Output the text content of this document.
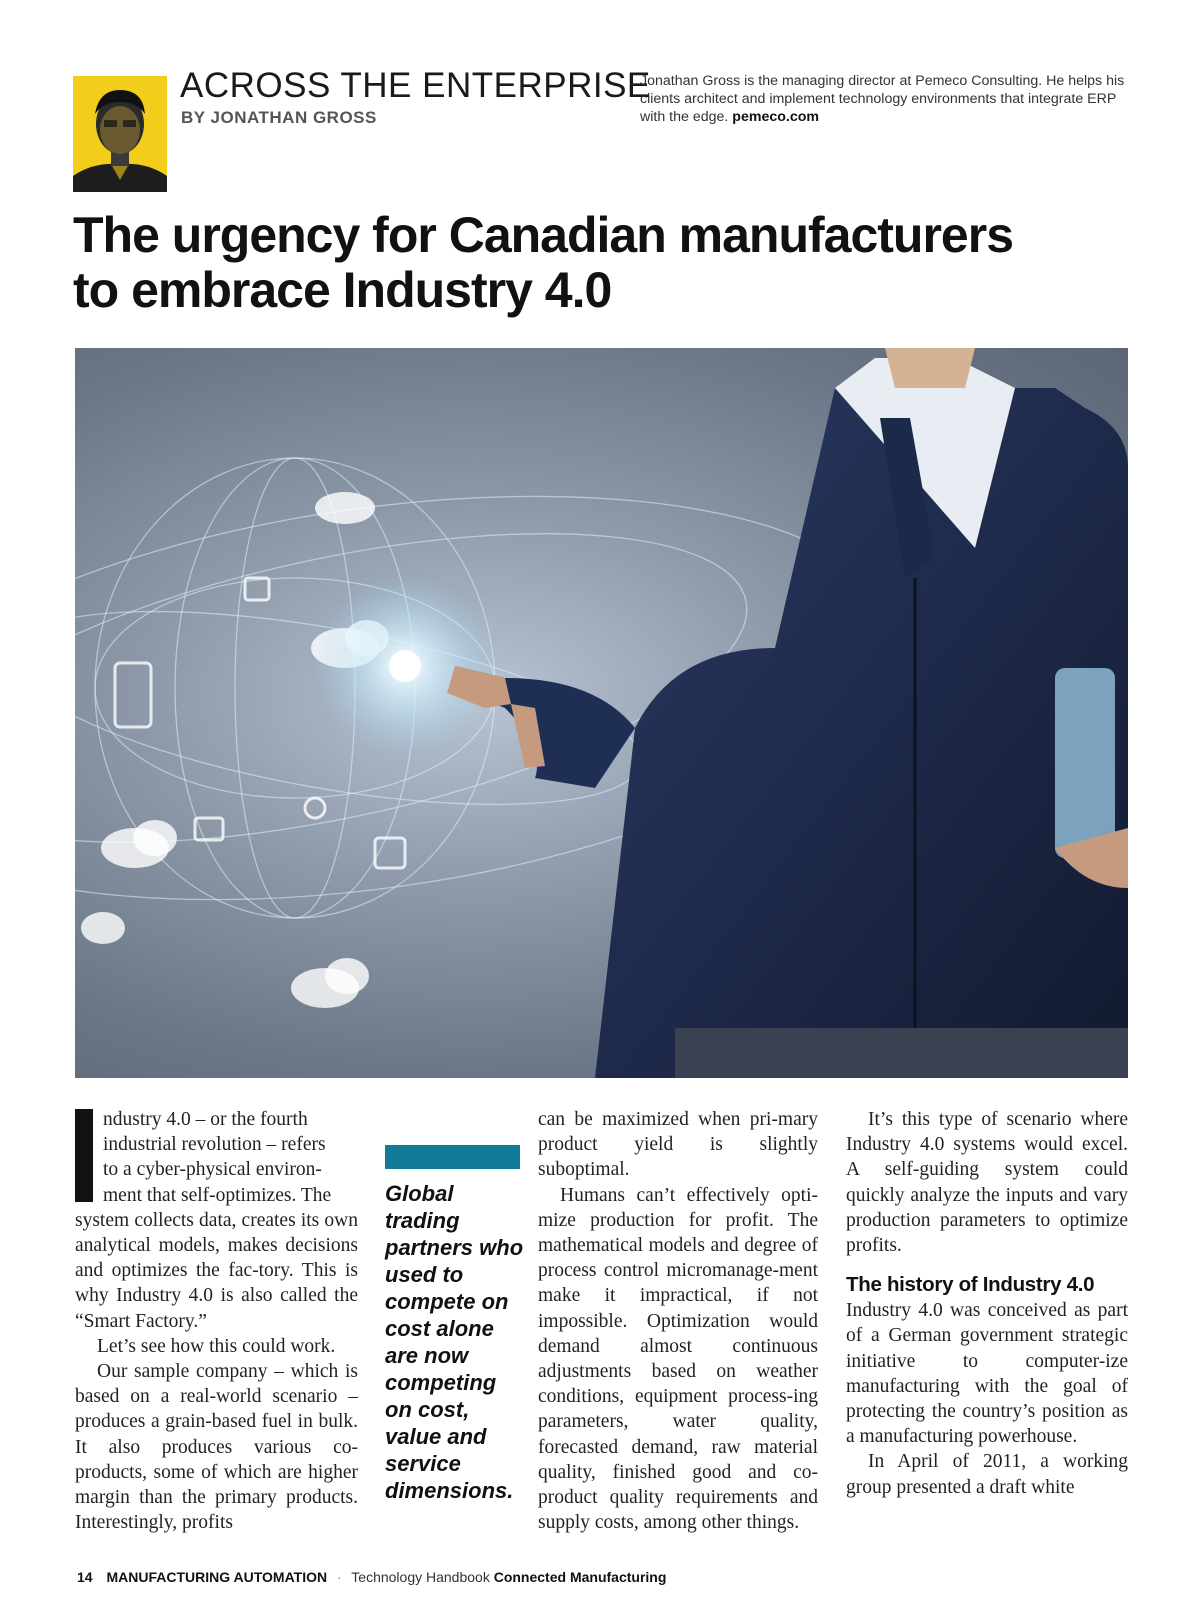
ACROSS THE ENTERPRISE
BY JONATHAN GROSS
Jonathan Gross is the managing director at Pemeco Consulting. He helps his clients architect and implement technology environments that integrate ERP with the edge. pemeco.com
The urgency for Canadian manufacturers
to embrace Industry 4.0
ndustry 4.0 – or the fourth
industrial revolution – refers
to a cyber-physical environ-
ment that self-optimizes. The

system collects data, creates its own analytical models, makes decisions and optimizes the fac-tory. This is why Industry 4.0 is also called the “Smart Factory.”

Let’s see how this could work.

Our sample company – which is based on a real-world scenario – produces a grain-based fuel in bulk. It also produces various co-products, some of which are higher margin than the primary products. Interestingly, profits

Global trading partners who used to compete on cost alone are now competing on cost, value and service dimensions.

can be maximized when pri-mary product yield is slightly suboptimal.

Humans can’t effectively opti-mize production for profit. The mathematical models and degree of process control micromanage-ment make it impractical, if not impossible. Optimization would demand almost continuous adjustments based on weather conditions, equipment process-ing parameters, water quality, forecasted demand, raw material quality, finished good and co-product quality requirements and supply costs, among other things.

It’s this type of scenario where Industry 4.0 systems would excel. A self-guiding system could quickly analyze the inputs and vary production parameters to optimize profits.

The history of Industry 4.0

Industry 4.0 was conceived as part of a German government strategic initiative to computer-ize manufacturing with the goal of protecting the country’s position as a manufacturing powerhouse.

In April of 2011, a working group presented a draft white

14 MANUFACTURING AUTOMATION · Technology Handbook Connected Manufacturing
